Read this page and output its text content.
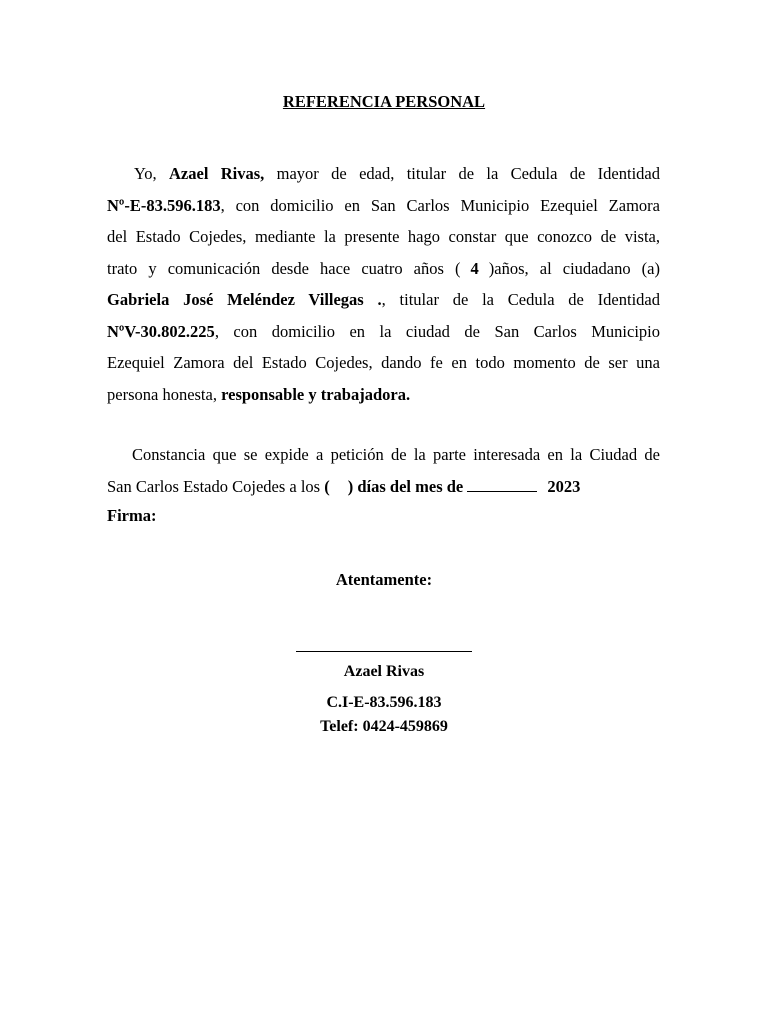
REFERENCIA PERSONAL
Yo, Azael Rivas, mayor de edad, titular de la Cedula de Identidad
Nº-E-83.596.183, con domicilio en San Carlos Municipio Ezequiel Zamora
del Estado Cojedes, mediante la presente hago constar que conozco de vista,
trato y comunicación desde hace cuatro años ( 4 )años, al ciudadano (a)
Gabriela José Meléndez Villegas ., titular de la Cedula de Identidad
NºV-30.802.225, con domicilio en la ciudad de San Carlos Municipio
Ezequiel Zamora del Estado Cojedes, dando fe en todo momento de ser una
persona honesta, responsable y trabajadora.
Constancia que se expide a petición de la parte interesada en la Ciudad de
San Carlos Estado Cojedes a los ( ) días del mes de	2023
Firma:
Atentamente:
Azael Rivas
C.I-E-83.596.183
Telef: 0424-459869
